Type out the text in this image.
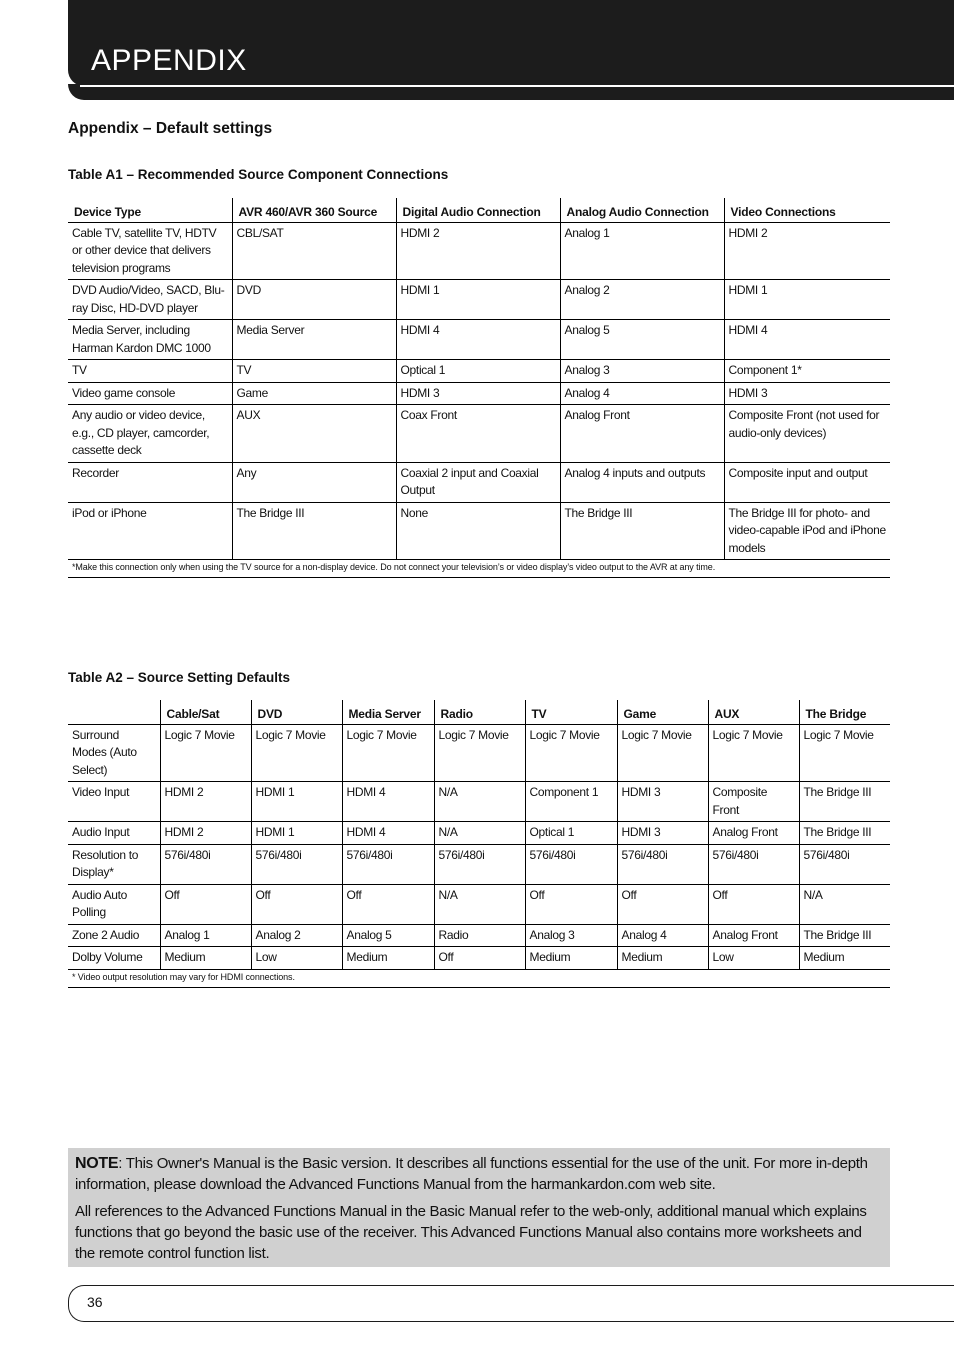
APPENDIX
Appendix – Default settings
Table A1 – Recommended Source Component Connections
Device Type	AVR 460/AVR 360 Source	Digital Audio Connection	Analog Audio Connection	Video Connections
Cable TV, satellite TV, HDTV or other device that delivers television programs	CBL/SAT	HDMI 2	Analog 1	HDMI 2
DVD Audio/Video, SACD, Blu-ray Disc, HD-DVD player	DVD	HDMI 1	Analog 2	HDMI 1
Media Server, including Harman Kardon DMC 1000	Media Server	HDMI 4	Analog 5	HDMI 4
TV	TV	Optical 1	Analog 3	Component 1*
Video game console	Game	HDMI 3	Analog 4	HDMI 3
Any audio or video device, e.g., CD player, camcorder, cassette deck	AUX	Coax Front	Analog Front	Composite Front (not used for audio-only devices)
Recorder	Any	Coaxial 2 input and Coaxial Output	Analog 4 inputs and outputs	Composite input and output
iPod or iPhone	The Bridge III	None	The Bridge III	The Bridge III for photo- and video-capable iPod and iPhone models
*Make this connection only when using the TV source for a non-display device. Do not connect your television’s or video display’s video output to the AVR at any time.				
Table A2 – Source Setting Defaults
	Cable/Sat	DVD	Media Server	Radio	TV	Game	AUX	The Bridge
Surround Modes (Auto Select)	Logic 7 Movie	Logic 7 Movie	Logic 7 Movie	Logic 7 Movie	Logic 7 Movie	Logic 7 Movie	Logic 7 Movie	Logic 7 Movie
Video Input	HDMI 2	HDMI 1	HDMI 4	N/A	Component 1	HDMI 3	Composite Front	The Bridge III
Audio Input	HDMI 2	HDMI 1	HDMI 4	N/A	Optical 1	HDMI 3	Analog Front	The Bridge III
Resolution to Display*	576i/480i	576i/480i	576i/480i	576i/480i	576i/480i	576i/480i	576i/480i	576i/480i
Audio Auto Polling	Off	Off	Off	N/A	Off	Off	Off	N/A
Zone 2 Audio	Analog 1	Analog 2	Analog 5	Radio	Analog 3	Analog 4	Analog Front	The Bridge III
Dolby Volume	Medium	Low	Medium	Off	Medium	Medium	Low	Medium
* Video output resolution may vary for HDMI connections.								

NOTE: This Owner's Manual is the Basic version. It describes all functions essential for the use of the unit. For more in-depth information, please download the Advanced Functions Manual from the harmankardon.com web site.

All references to the Advanced Functions Manual in the Basic Manual refer to the web-only, additional manual which explains functions that go beyond the basic use of the receiver. This Advanced Functions Manual also contains more worksheets and the remote control function list.

36
